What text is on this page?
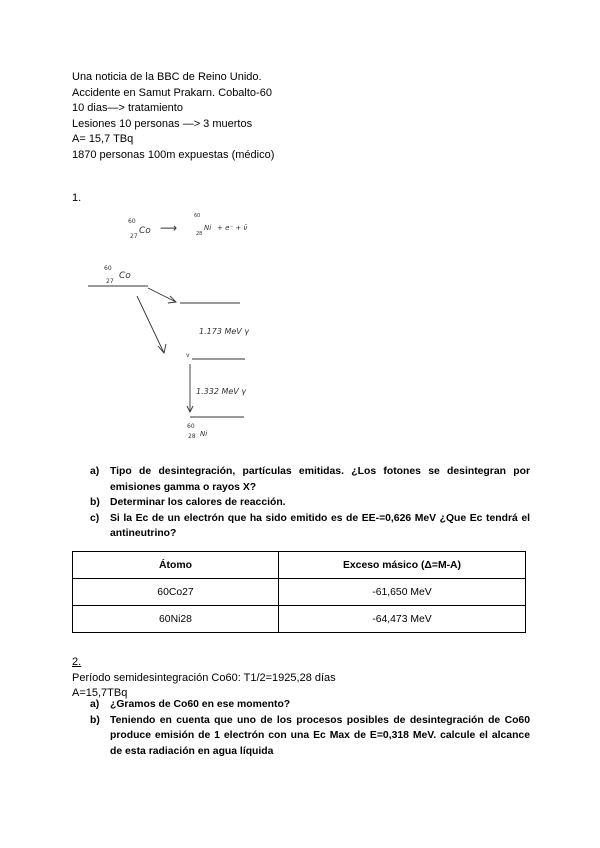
Una noticia de la BBC de Reino Unido.
Accidente en Samut Prakarn. Cobalto-60
10 dias—> tratamiento
Lesiones 10 personas —> 3 muertos
A= 15,7 TBq
1870 personas 100m expuestas (médico)
1.
60
27
Co ⟶
60
28
Ni + e⁻ + ν̄
60
27
Co
1.173 MeV γ
v
1.332 MeV γ
60
28 Ni
a)	Tipo de desintegración, partículas emitidas. ¿Los fotones se desintegran por emisiones gamma o rayos X?
b) Determinar los calores de reacción.
c)	Si la Ec de un electrón que ha sido emitido es de EE-=0,626 MeV ¿Que Ec tendrá el antineutrino?
Átomo	Exceso másico (Δ=M-A)
60Co27	-61,650 MeV
60Ni28	-64,473 MeV
2.
Período semidesintegración Co60: T1/2=1925,28 días
A=15,7TBq
a)	¿Gramos de Co60 en ese momento?
b) Teniendo en cuenta que uno de los procesos posibles de desintegración de Co60 produce emisión de 1 electrón con una Ec Max de E=0,318 MeV. calcule el alcance de esta radiación en agua líquida
